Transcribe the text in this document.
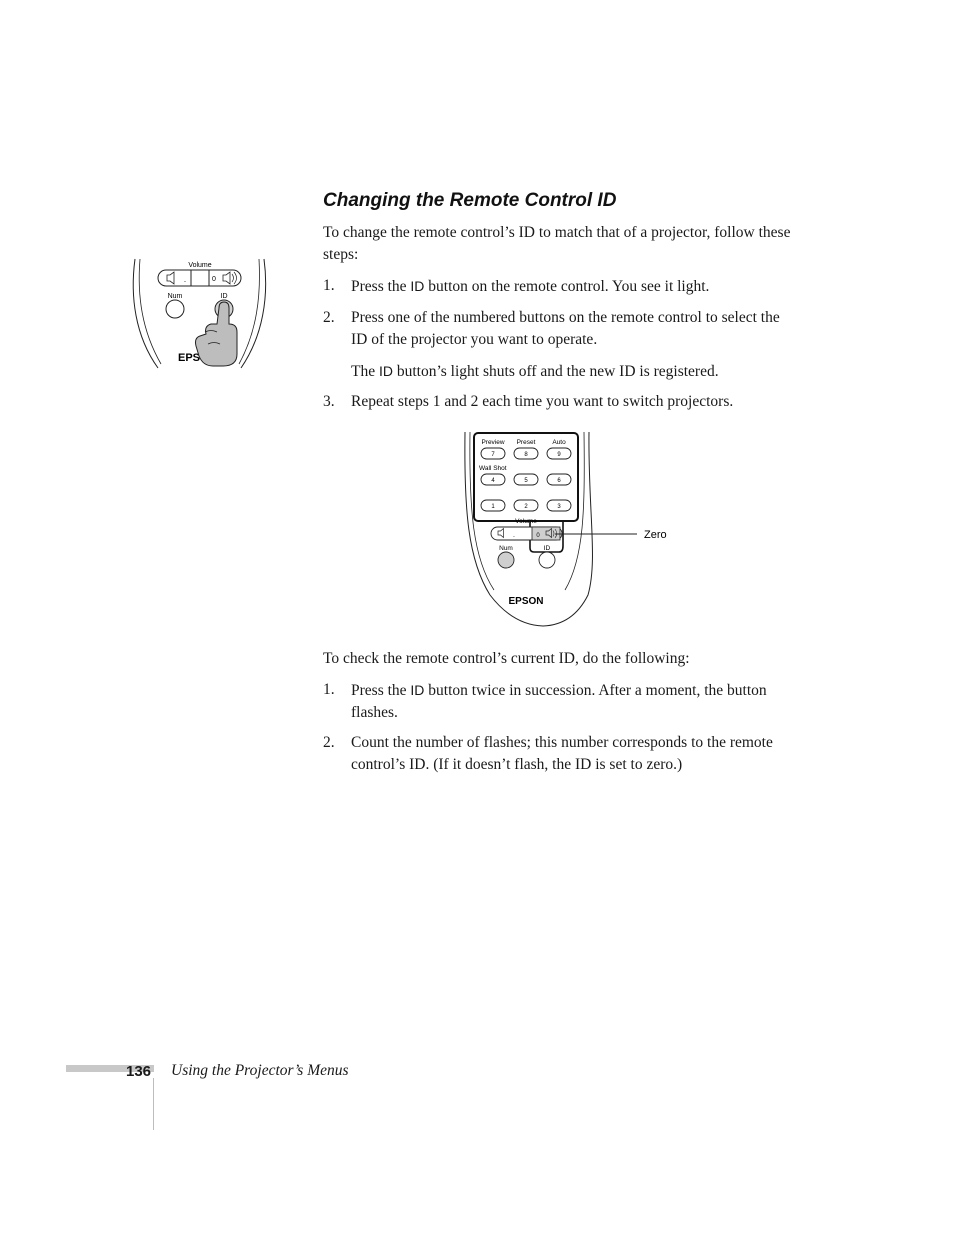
Changing the Remote Control ID

To change the remote control’s ID to match that of a projector, follow these steps:

1. Press the ID button on the remote control. You see it light.
2. Press one of the numbered buttons on the remote control to select the ID of the projector you want to operate.
The ID button’s light shuts off and the new ID is registered.
3. Repeat steps 1 and 2 each time you want to switch projectors.
Volume
.	0
Num	ID
EPS
Preview Preset	Auto
7	8	9
Wall Shot
4	5	6
1	2	3
Volume
.	0	Zero
Num	ID
EPSON

To check the remote control’s current ID, do the following:

1. Press the ID button twice in succession. After a moment, the button flashes.
2. Count the number of flashes; this number corresponds to the remote control’s ID. (If it doesn’t flash, the ID is set to zero.)
136 Using the Projector’s Menus
